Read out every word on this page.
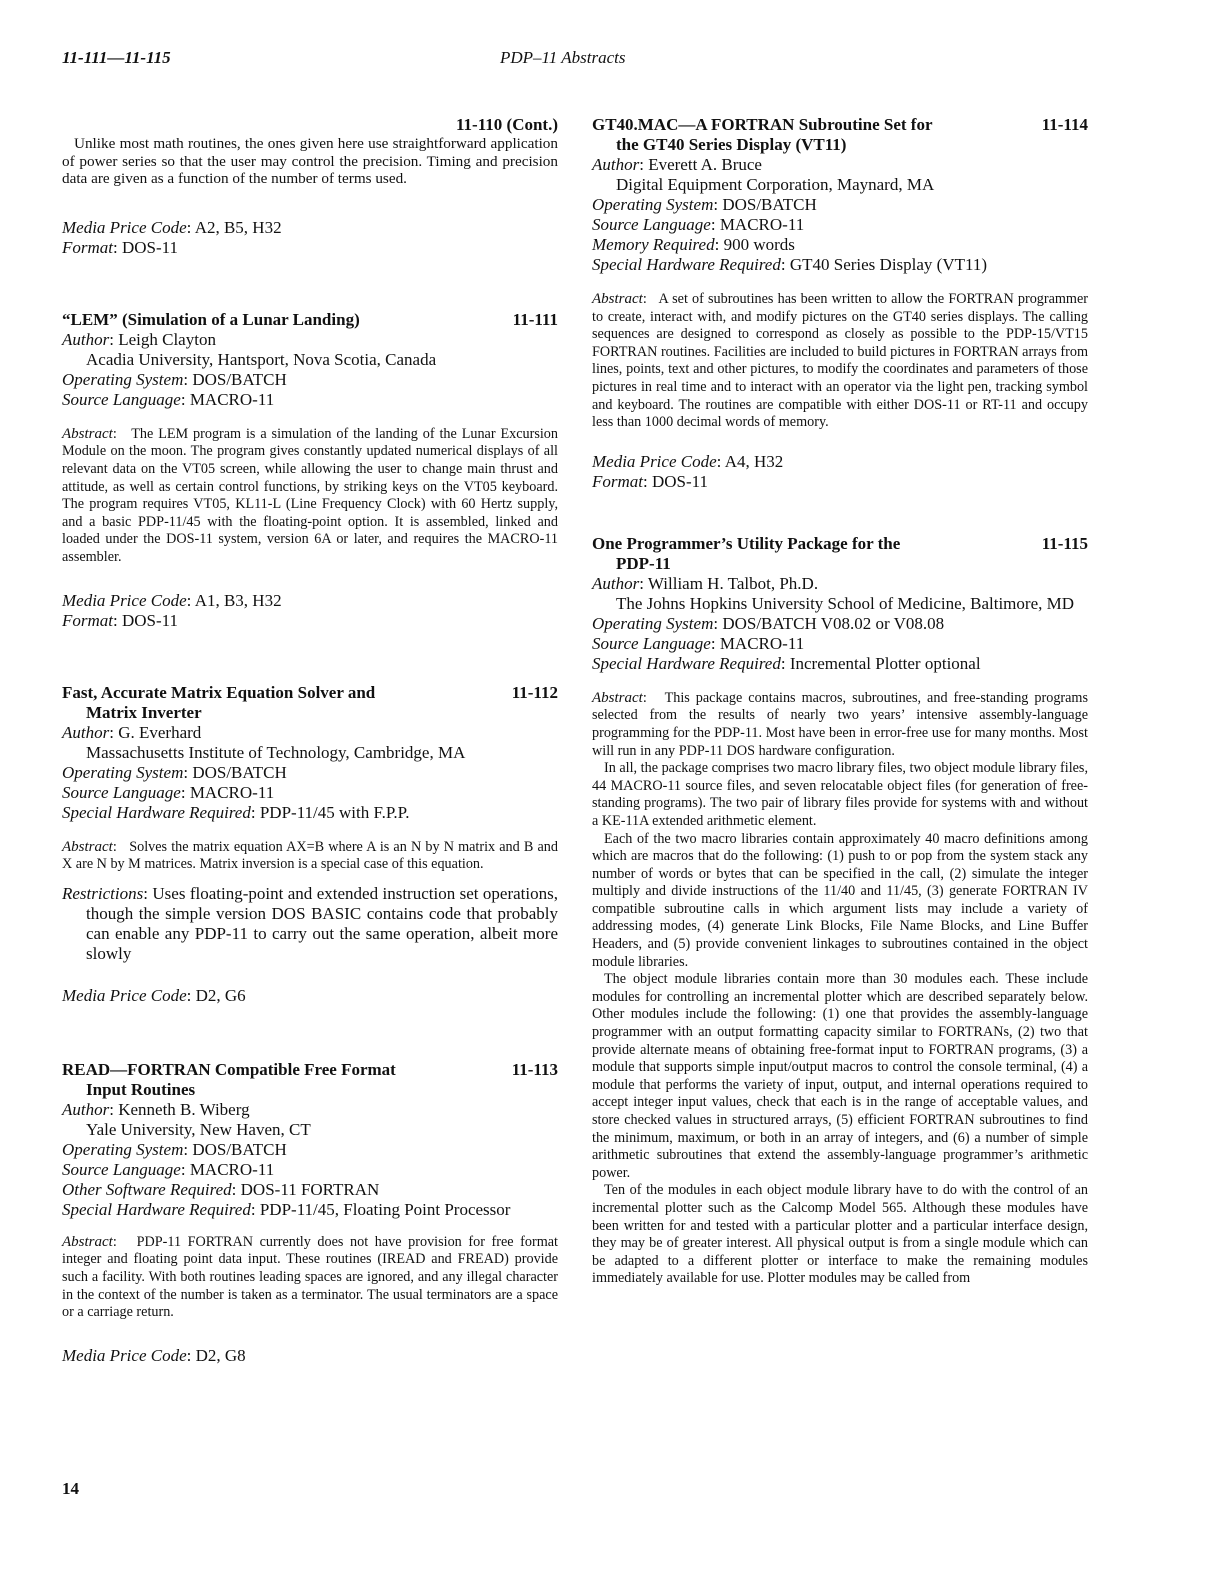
11-111—11-115	PDP–11 Abstracts
11-110 (Cont.)
Unlike most math routines, the ones given here use straightforward application of power series so that the user may control the precision. Timing and precision data are given as a function of the number of terms used.
Media Price Code: A2, B5, H32
Format: DOS-11
“LEM” (Simulation of a Lunar Landing)	11-111
Author: Leigh Clayton
Acadia University, Hantsport, Nova Scotia, Canada
Operating System: DOS/BATCH
Source Language: MACRO-11
Abstract:   The LEM program is a simulation of the landing of the Lunar Excursion Module on the moon. The program gives constantly updated numerical displays of all relevant data on the VT05 screen, while allowing the user to change main thrust and attitude, as well as certain control functions, by striking keys on the VT05 keyboard. The program requires VT05, KL11-L (Line Frequency Clock) with 60 Hertz supply, and a basic PDP-11/45 with the floating-point option. It is assembled, linked and loaded under the DOS-11 system, version 6A or later, and requires the MACRO-11 assembler.
Media Price Code: A1, B3, H32
Format: DOS-11
Fast, Accurate Matrix Equation Solver and
Matrix Inverter
11-112
Author: G. Everhard
Massachusetts Institute of Technology, Cambridge, MA
Operating System: DOS/BATCH
Source Language: MACRO-11
Special Hardware Required: PDP-11/45 with F.P.P.
Abstract:   Solves the matrix equation AX=B where A is an N by N matrix and B and X are N by M matrices. Matrix inversion is a special case of this equation.
Restrictions: Uses floating-point and extended instruction set operations, though the simple version DOS BASIC contains code that probably can enable any PDP-11 to carry out the same operation, albeit more slowly
Media Price Code: D2, G6
READ—FORTRAN Compatible Free Format
Input Routines
11-113
Author: Kenneth B. Wiberg
Yale University, New Haven, CT
Operating System: DOS/BATCH
Source Language: MACRO-11
Other Software Required: DOS-11 FORTRAN
Special Hardware Required: PDP-11/45, Floating Point Processor
Abstract:   PDP-11 FORTRAN currently does not have provision for free format integer and floating point data input. These routines (IREAD and FREAD) provide such a facility. With both routines leading spaces are ignored, and any illegal character in the context of the number is taken as a terminator. The usual terminators are a space or a carriage return.
Media Price Code: D2, G8
GT40.MAC—A FORTRAN Subroutine Set for
the GT40 Series Display (VT11)
11-114
Author: Everett A. Bruce
Digital Equipment Corporation, Maynard, MA
Operating System: DOS/BATCH
Source Language: MACRO-11
Memory Required: 900 words
Special Hardware Required: GT40 Series Display (VT11)
Abstract:   A set of subroutines has been written to allow the FORTRAN programmer to create, interact with, and modify pictures on the GT40 series displays. The calling sequences are designed to correspond as closely as possible to the PDP-15/VT15 FORTRAN routines. Facilities are included to build pictures in FORTRAN arrays from lines, points, text and other pictures, to modify the coordinates and parameters of those pictures in real time and to interact with an operator via the light pen, tracking symbol and keyboard. The routines are compatible with either DOS-11 or RT-11 and occupy less than 1000 decimal words of memory.
Media Price Code: A4, H32
Format: DOS-11
One Programmer’s Utility Package for the
PDP-11
11-115
Author: William H. Talbot, Ph.D.
The Johns Hopkins University School of Medicine, Baltimore, MD
Operating System: DOS/BATCH V08.02 or V08.08
Source Language: MACRO-11
Special Hardware Required: Incremental Plotter optional
Abstract:   This package contains macros, subroutines, and free-standing programs selected from the results of nearly two years’ intensive assembly-language programming for the PDP-11. Most have been in error-free use for many months. Most will run in any PDP-11 DOS hardware configuration.
In all, the package comprises two macro library files, two object module library files, 44 MACRO-11 source files, and seven relocatable object files (for generation of free-standing programs). The two pair of library files provide for systems with and without a KE-11A extended arithmetic element.
Each of the two macro libraries contain approximately 40 macro definitions among which are macros that do the following: (1) push to or pop from the system stack any number of words or bytes that can be specified in the call, (2) simulate the integer multiply and divide instructions of the 11/40 and 11/45, (3) generate FORTRAN IV compatible subroutine calls in which argument lists may include a variety of addressing modes, (4) generate Link Blocks, File Name Blocks, and Line Buffer Headers, and (5) provide convenient linkages to subroutines contained in the object module libraries.
The object module libraries contain more than 30 modules each. These include modules for controlling an incremental plotter which are described separately below. Other modules include the following: (1) one that provides the assembly-language programmer with an output formatting capacity similar to FORTRANs, (2) two that provide alternate means of obtaining free-format input to FORTRAN programs, (3) a module that supports simple input/output macros to control the console terminal, (4) a module that performs the variety of input, output, and internal operations required to accept integer input values, check that each is in the range of acceptable values, and store checked values in structured arrays, (5) efficient FORTRAN subroutines to find the minimum, maximum, or both in an array of integers, and (6) a number of simple arithmetic subroutines that extend the assembly-language programmer’s arithmetic power.
Ten of the modules in each object module library have to do with the control of an incremental plotter such as the Calcomp Model 565. Although these modules have been written for and tested with a particular plotter and a particular interface design, they may be of greater interest. All physical output is from a single module which can be adapted to a different plotter or interface to make the remaining modules immediately available for use. Plotter modules may be called from
14
